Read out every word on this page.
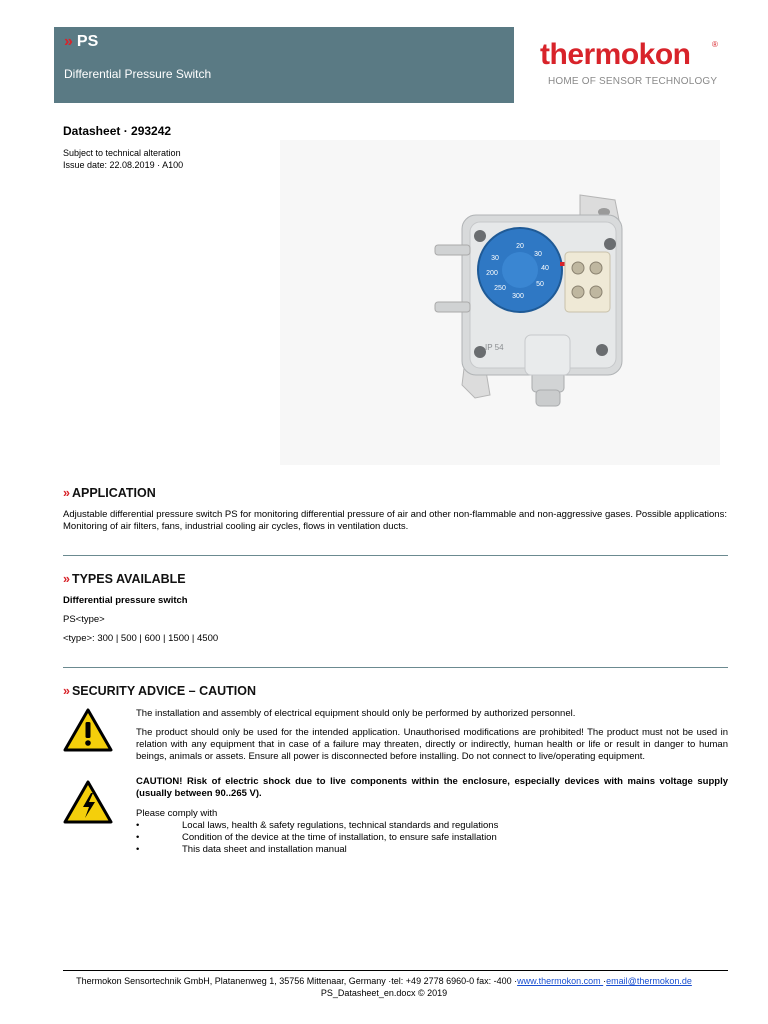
» PS
Differential Pressure Switch
thermokon	®
HOME OF SENSOR TECHNOLOGY
Datasheet · 293242
Subject to technical alteration
Issue date: 22.08.2019 · A100
20
30
40
50
30
200
250
300
IP 54
» APPLICATION
Adjustable differential pressure switch PS for monitoring differential pressure of air and other non-flammable and non-aggressive gases. Possible applications: Monitoring of air filters, fans, industrial cooling air cycles, flows in ventilation ducts.
» TYPES AVAILABLE
Differential pressure switch
PS<type>
<type>: 300 | 500 | 600 | 1500 | 4500
» SECURITY ADVICE – CAUTION
The installation and assembly of electrical equipment should only be performed by authorized personnel.
The product should only be used for the intended application. Unauthorised modifications are prohibited! The product must not be used in relation with any equipment that in case of a failure may threaten, directly or indirectly, human health or life or result in danger to human beings, animals or assets. Ensure all power is disconnected before installing. Do not connect to live/operating equipment.
CAUTION! Risk of electric shock due to live components within the enclosure, especially devices with mains voltage supply (usually between 90..265 V).
Please comply with
•	Local laws, health & safety regulations, technical standards and regulations
•	Condition of the device at the time of installation, to ensure safe installation
•	This data sheet and installation manual
Thermokon Sensortechnik GmbH, Platanenweg 1, 35756 Mittenaar, Germany ·tel: +49 2778 6960-0 fax: -400 ·www.thermokon.com ·email@thermokon.de
PS_Datasheet_en.docx © 2019
